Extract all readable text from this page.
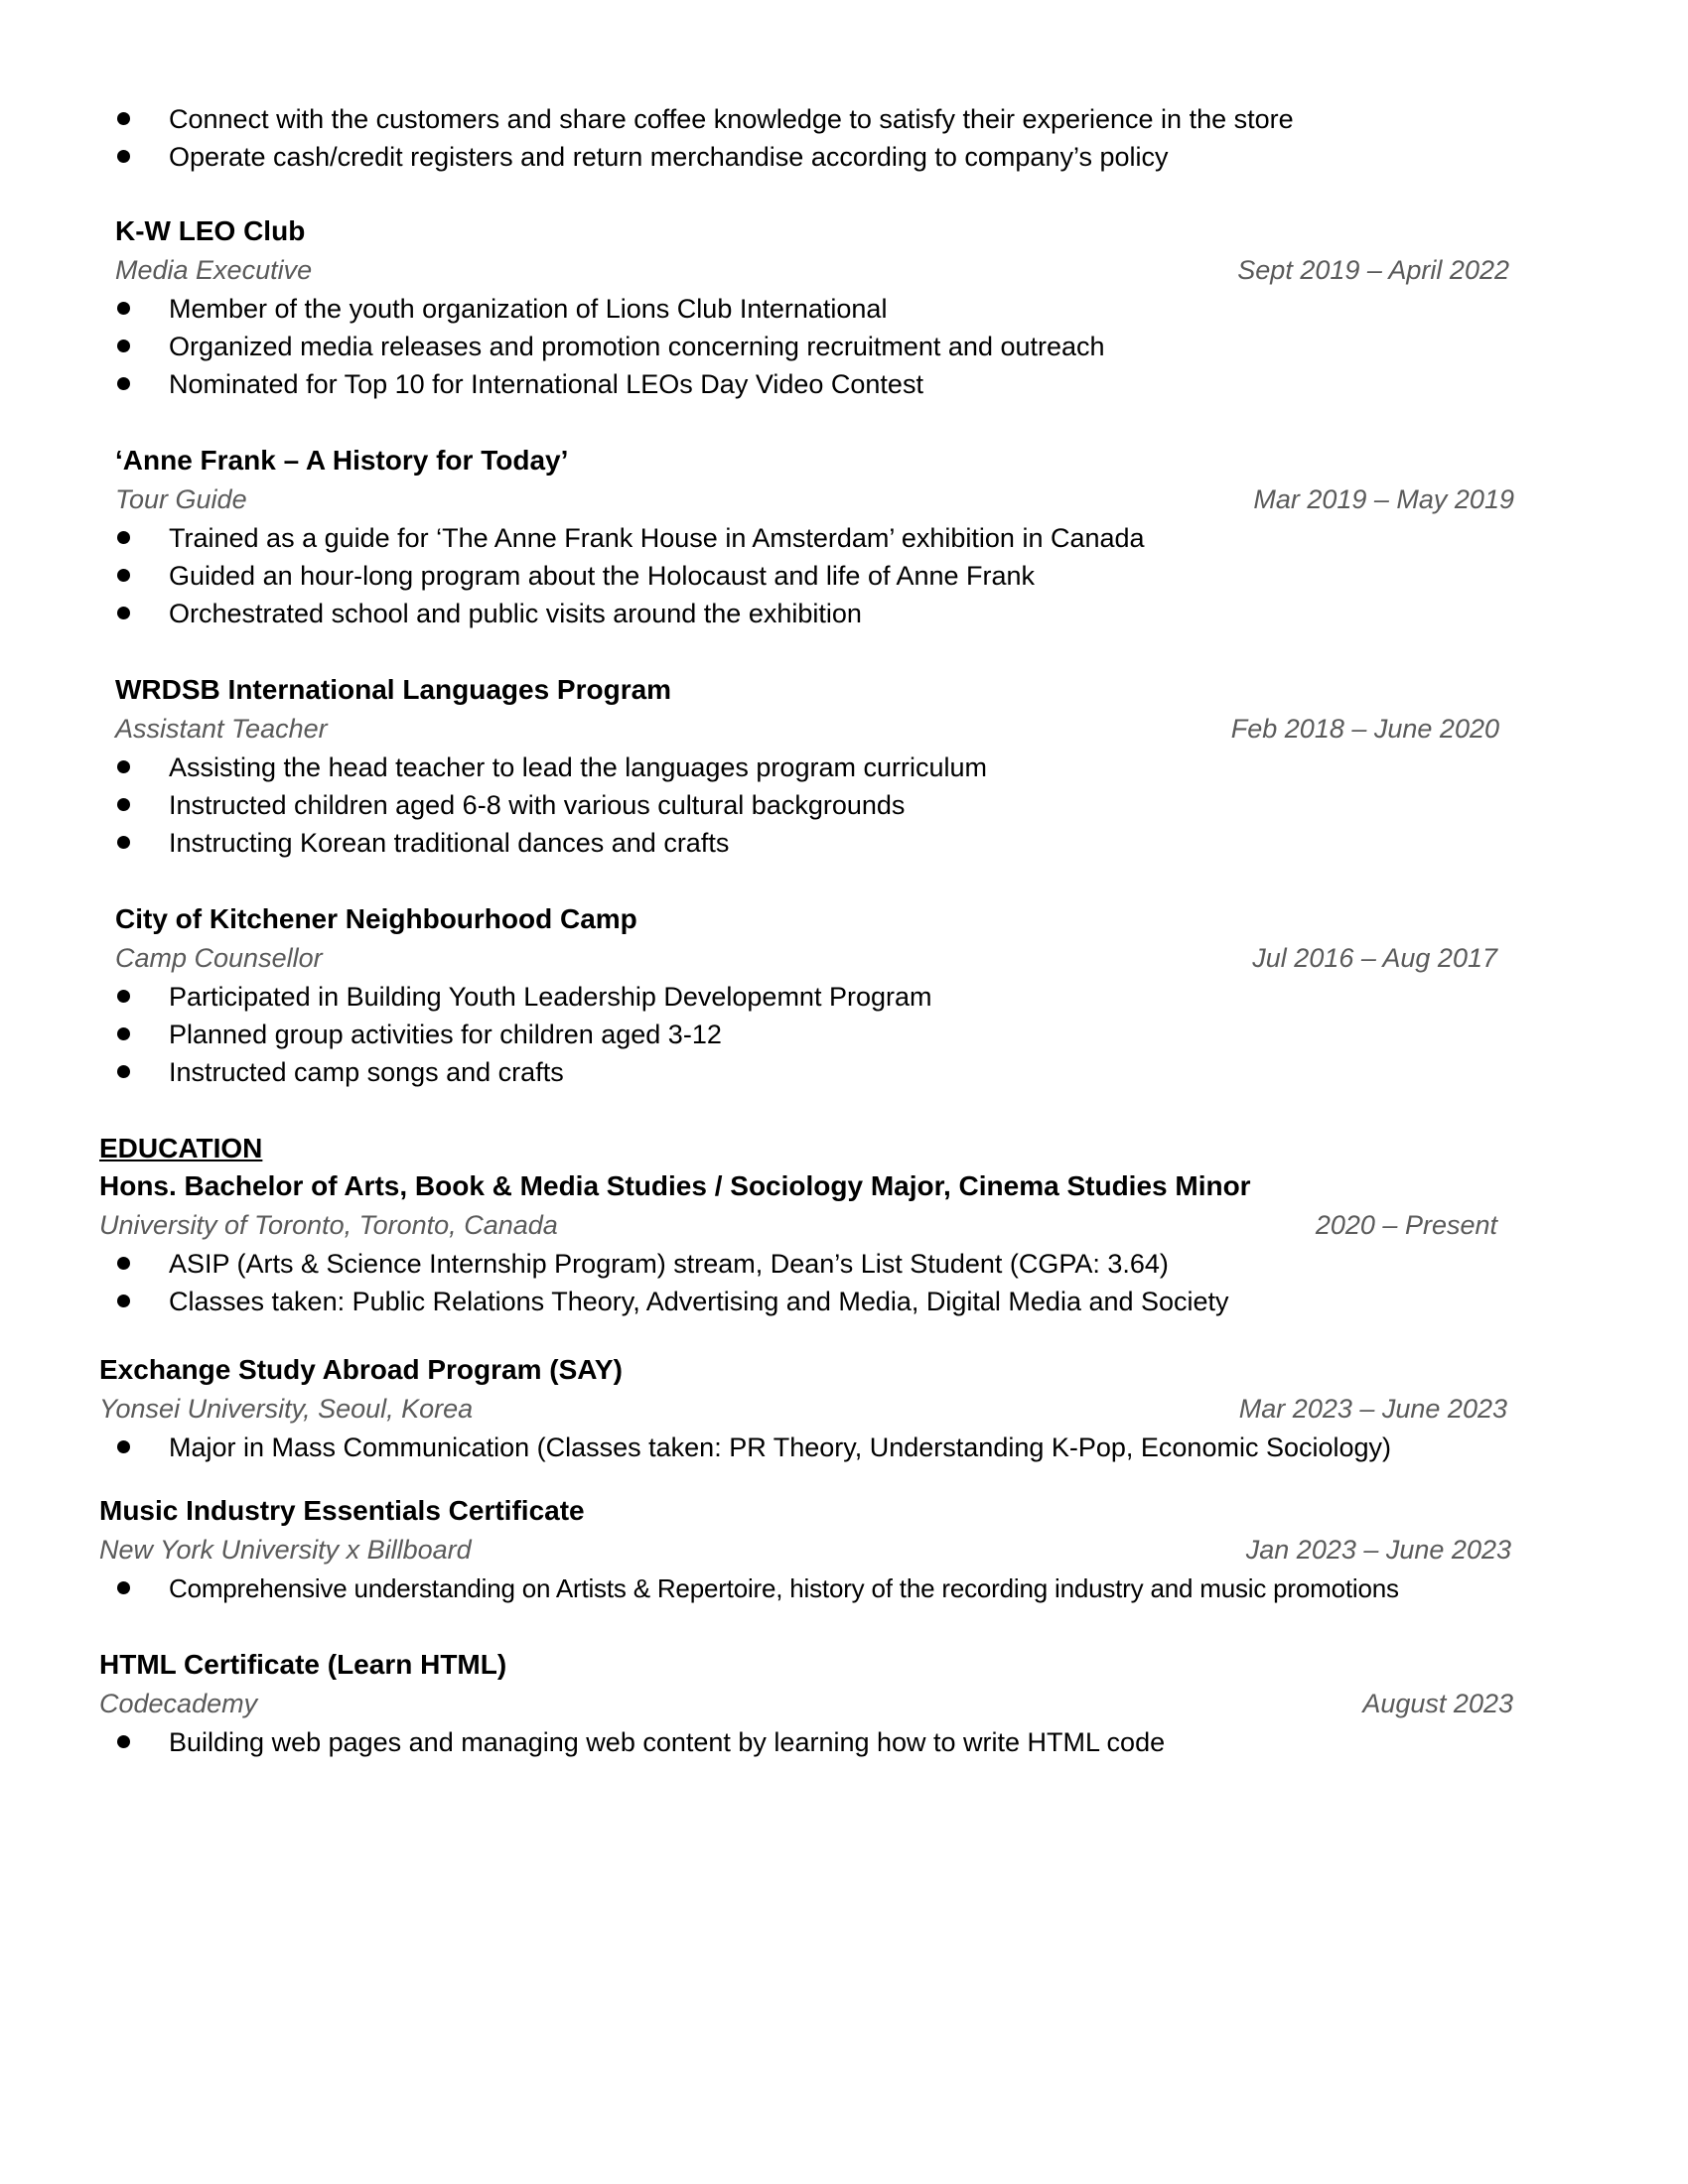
Connect with the customers and share coffee knowledge to satisfy their experience in the store
Operate cash/credit registers and return merchandise according to company’s policy
K-W LEO Club
Media Executive	Sept 2019 – April 2022
Member of the youth organization of Lions Club International
Organized media releases and promotion concerning recruitment and outreach
Nominated for Top 10 for International LEOs Day Video Contest
‘Anne Frank – A History for Today’
Tour Guide	Mar 2019 – May 2019
Trained as a guide for ‘The Anne Frank House in Amsterdam’ exhibition in Canada
Guided an hour-long program about the Holocaust and life of Anne Frank
Orchestrated school and public visits around the exhibition
WRDSB International Languages Program
Assistant Teacher	Feb 2018 – June 2020
Assisting the head teacher to lead the languages program curriculum
Instructed children aged 6-8 with various cultural backgrounds
Instructing Korean traditional dances and crafts
City of Kitchener Neighbourhood Camp
Camp Counsellor	Jul 2016 – Aug 2017
Participated in Building Youth Leadership Developemnt Program
Planned group activities for children aged 3-12
Instructed camp songs and crafts
EDUCATION
Hons. Bachelor of Arts, Book & Media Studies / Sociology Major, Cinema Studies Minor
University of Toronto, Toronto, Canada	2020 – Present
ASIP (Arts & Science Internship Program) stream, Dean’s List Student (CGPA: 3.64)
Classes taken: Public Relations Theory, Advertising and Media, Digital Media and Society
Exchange Study Abroad Program (SAY)
Yonsei University, Seoul, Korea	Mar 2023 – June 2023
Major in Mass Communication (Classes taken: PR Theory, Understanding K-Pop, Economic Sociology)
Music Industry Essentials Certificate
New York University x Billboard	Jan 2023 – June 2023
Comprehensive understanding on Artists & Repertoire, history of the recording industry and music promotions
HTML Certificate (Learn HTML)
Codecademy	August 2023
Building web pages and managing web content by learning how to write HTML code
